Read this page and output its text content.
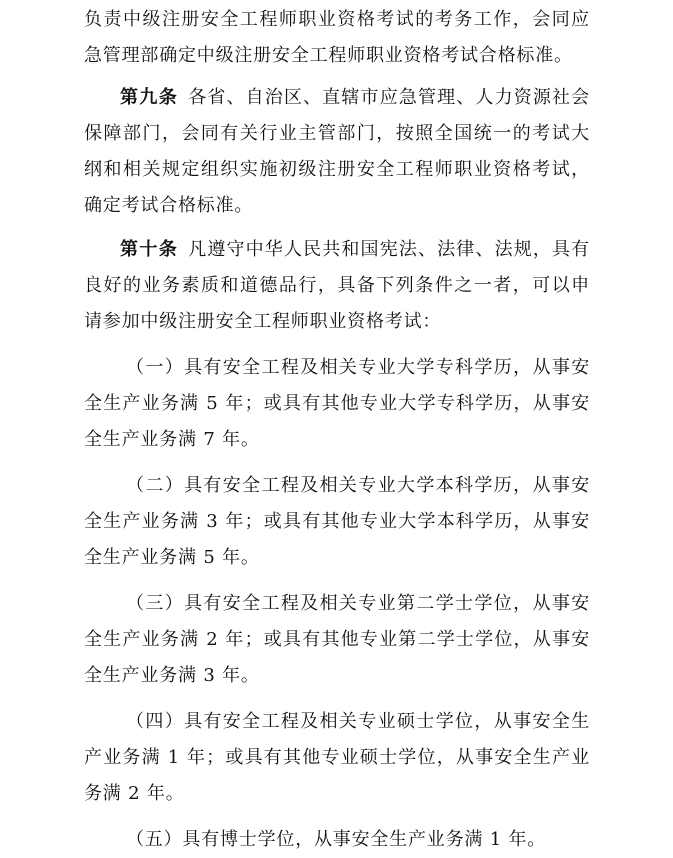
负责中级注册安全工程师职业资格考试的考务工作，会同应急管理部确定中级注册安全工程师职业资格考试合格标准。

第九条  各省、自治区、直辖市应急管理、人力资源社会保障部门，会同有关行业主管部门，按照全国统一的考试大纲和相关规定组织实施初级注册安全工程师职业资格考试，确定考试合格标准。

第十条  凡遵守中华人民共和国宪法、法律、法规，具有良好的业务素质和道德品行，具备下列条件之一者，可以申请参加中级注册安全工程师职业资格考试：

（一）具有安全工程及相关专业大学专科学历，从事安全生产业务满 5 年；或具有其他专业大学专科学历，从事安全生产业务满 7 年。

（二）具有安全工程及相关专业大学本科学历，从事安全生产业务满 3 年；或具有其他专业大学本科学历，从事安全生产业务满 5 年。

（三）具有安全工程及相关专业第二学士学位，从事安全生产业务满 2 年；或具有其他专业第二学士学位，从事安全生产业务满 3 年。

（四）具有安全工程及相关专业硕士学位，从事安全生产业务满 1 年；或具有其他专业硕士学位，从事安全生产业务满 2 年。

（五）具有博士学位，从事安全生产业务满 1 年。
